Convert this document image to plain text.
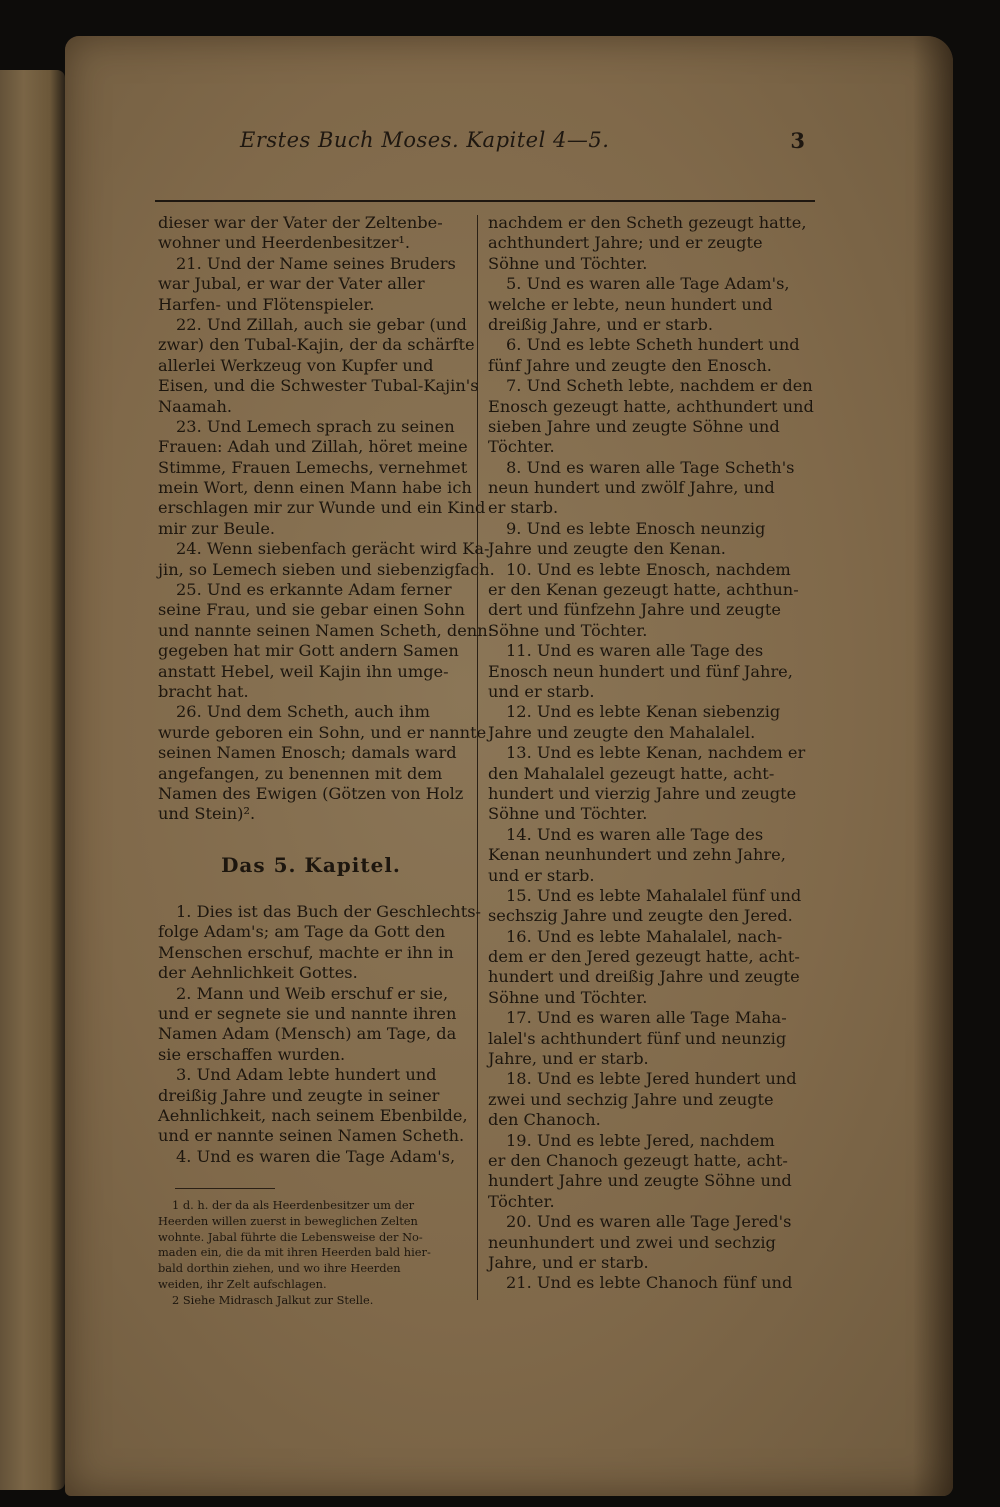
Erstes Buch Moses. Kapitel 4—5.	3
dieser war der Vater der Zeltenbe-
wohner und Heerdenbesitzer¹.
21. Und der Name seines Bruders
war Jubal, er war der Vater aller
Harfen- und Flötenspieler.
22. Und Zillah, auch sie gebar (und
zwar) den Tubal-Kajin, der da schärfte
allerlei Werkzeug von Kupfer und
Eisen, und die Schwester Tubal-Kajin's
Naamah.
23. Und Lemech sprach zu seinen
Frauen: Adah und Zillah, höret meine
Stimme, Frauen Lemechs, vernehmet
mein Wort, denn einen Mann habe ich
erschlagen mir zur Wunde und ein Kind
mir zur Beule.
24. Wenn siebenfach gerächt wird Ka-
jin, so Lemech sieben und siebenzigfach.
25. Und es erkannte Adam ferner
seine Frau, und sie gebar einen Sohn
und nannte seinen Namen Scheth, denn:
gegeben hat mir Gott andern Samen
anstatt Hebel, weil Kajin ihn umge-
bracht hat.
26. Und dem Scheth, auch ihm
wurde geboren ein Sohn, und er nannte
seinen Namen Enosch; damals ward
angefangen, zu benennen mit dem
Namen des Ewigen (Götzen von Holz
und Stein)².
Das 5. Kapitel.
1. Dies ist das Buch der Geschlechts-
folge Adam's; am Tage da Gott den
Menschen erschuf, machte er ihn in
der Aehnlichkeit Gottes.
2. Mann und Weib erschuf er sie,
und er segnete sie und nannte ihren
Namen Adam (Mensch) am Tage, da
sie erschaffen wurden.
3. Und Adam lebte hundert und
dreißig Jahre und zeugte in seiner
Aehnlichkeit, nach seinem Ebenbilde,
und er nannte seinen Namen Scheth.
4. Und es waren die Tage Adam's,
1 d. h. der da als Heerdenbesitzer um der
Heerden willen zuerst in beweglichen Zelten
wohnte. Jabal führte die Lebensweise der No-
maden ein, die da mit ihren Heerden bald hier-
bald dorthin ziehen, und wo ihre Heerden
weiden, ihr Zelt aufschlagen.
2 Siehe Midrasch Jalkut zur Stelle.
nachdem er den Scheth gezeugt hatte,
achthundert Jahre; und er zeugte
Söhne und Töchter.
5. Und es waren alle Tage Adam's,
welche er lebte, neun hundert und
dreißig Jahre, und er starb.
6. Und es lebte Scheth hundert und
fünf Jahre und zeugte den Enosch.
7. Und Scheth lebte, nachdem er den
Enosch gezeugt hatte, achthundert und
sieben Jahre und zeugte Söhne und
Töchter.
8. Und es waren alle Tage Scheth's
neun hundert und zwölf Jahre, und
er starb.
9. Und es lebte Enosch neunzig
Jahre und zeugte den Kenan.
10. Und es lebte Enosch, nachdem
er den Kenan gezeugt hatte, achthun-
dert und fünfzehn Jahre und zeugte
Söhne und Töchter.
11. Und es waren alle Tage des
Enosch neun hundert und fünf Jahre,
und er starb.
12. Und es lebte Kenan siebenzig
Jahre und zeugte den Mahalalel.
13. Und es lebte Kenan, nachdem er
den Mahalalel gezeugt hatte, acht-
hundert und vierzig Jahre und zeugte
Söhne und Töchter.
14. Und es waren alle Tage des
Kenan neunhundert und zehn Jahre,
und er starb.
15. Und es lebte Mahalalel fünf und
sechszig Jahre und zeugte den Jered.
16. Und es lebte Mahalalel, nach-
dem er den Jered gezeugt hatte, acht-
hundert und dreißig Jahre und zeugte
Söhne und Töchter.
17. Und es waren alle Tage Maha-
lalel's achthundert fünf und neunzig
Jahre, und er starb.
18. Und es lebte Jered hundert und
zwei und sechzig Jahre und zeugte
den Chanoch.
19. Und es lebte Jered, nachdem
er den Chanoch gezeugt hatte, acht-
hundert Jahre und zeugte Söhne und
Töchter.
20. Und es waren alle Tage Jered's
neunhundert und zwei und sechzig
Jahre, und er starb.
21. Und es lebte Chanoch fünf und
